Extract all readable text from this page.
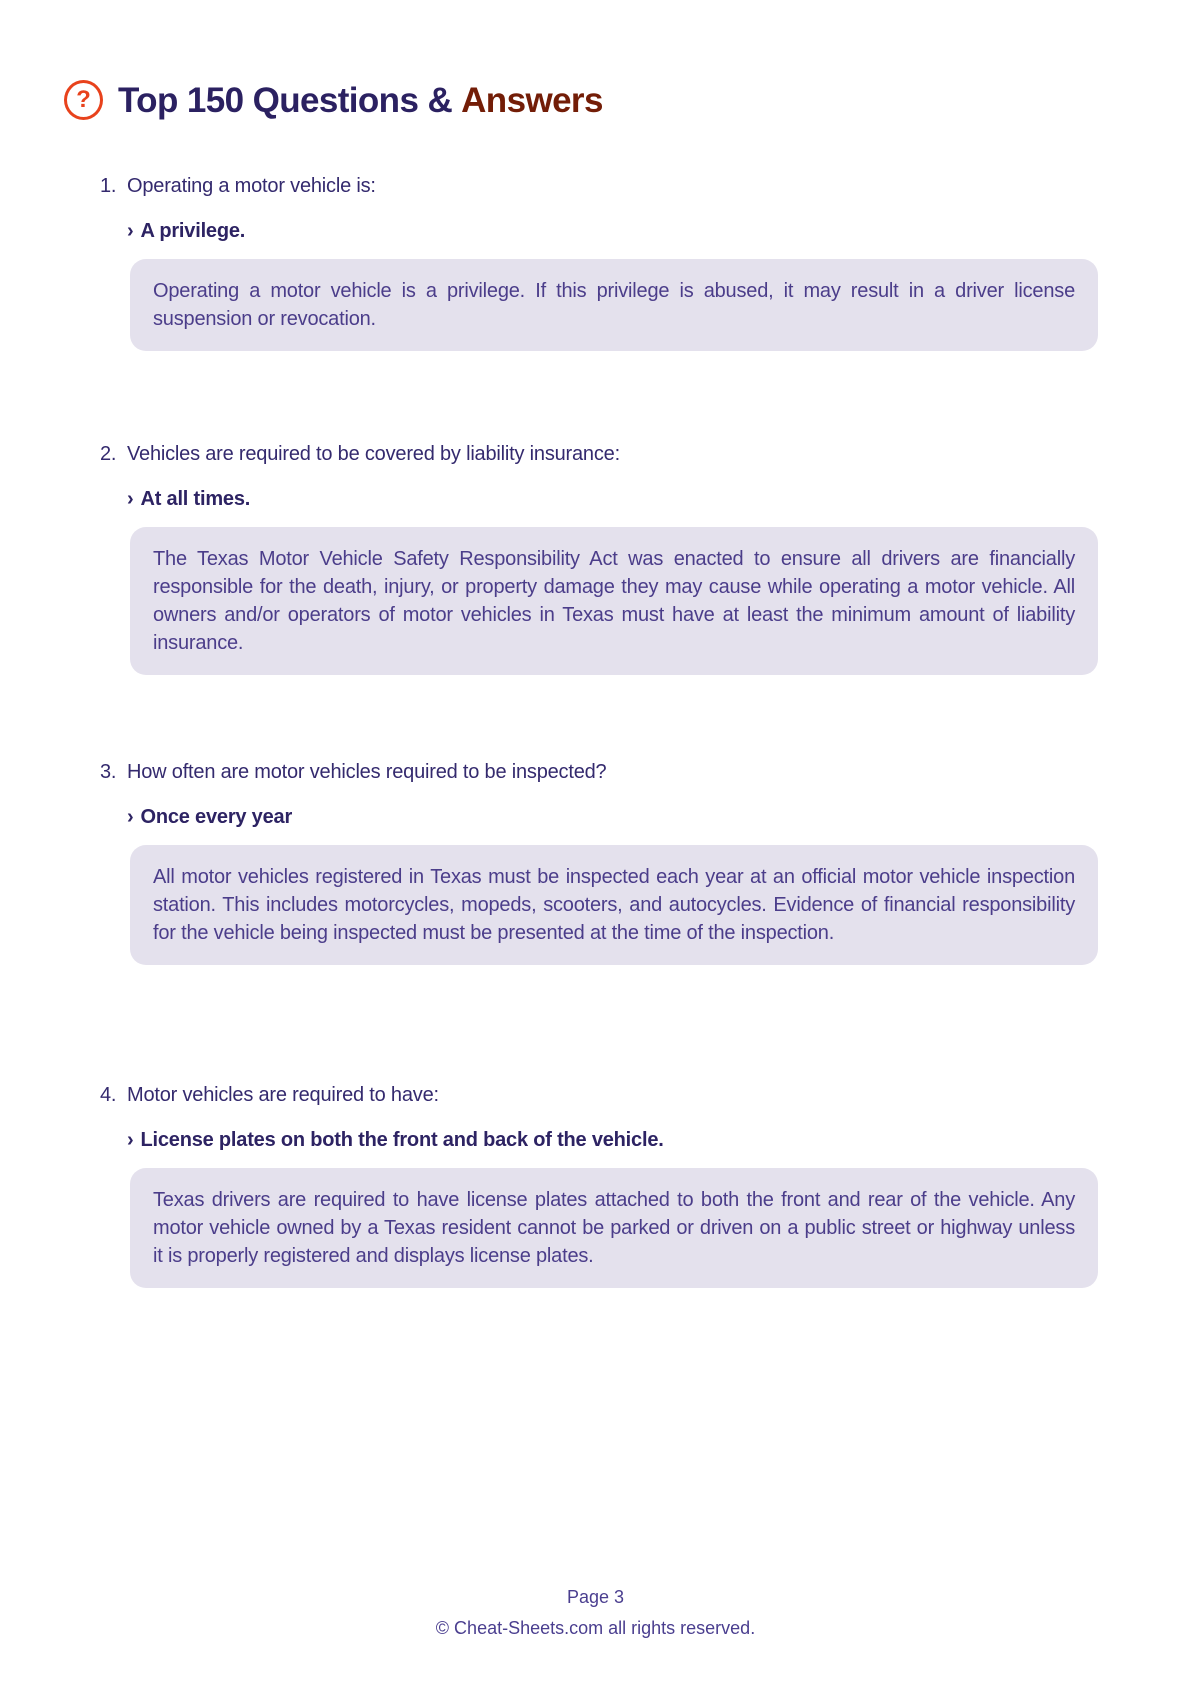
? Top 150 Questions & Answers
1. Operating a motor vehicle is:
› A privilege.

Operating a motor vehicle is a privilege. If this privilege is abused, it may result in a driver license suspension or revocation.

2. Vehicles are required to be covered by liability insurance:
› At all times.

The Texas Motor Vehicle Safety Responsibility Act was enacted to ensure all drivers are financially responsible for the death, injury, or property damage they may cause while operating a motor vehicle. All owners and/or operators of motor vehicles in Texas must have at least the minimum amount of liability insurance.

3. How often are motor vehicles required to be inspected?
› Once every year

All motor vehicles registered in Texas must be inspected each year at an official motor vehicle inspection station. This includes motorcycles, mopeds, scooters, and autocycles. Evidence of financial responsibility for the vehicle being inspected must be presented at the time of the inspection.

4. Motor vehicles are required to have:
› License plates on both the front and back of the vehicle.

Texas drivers are required to have license plates attached to both the front and rear of the vehicle. Any motor vehicle owned by a Texas resident cannot be parked or driven on a public street or highway unless it is properly registered and displays license plates.

Page 3

© Cheat-Sheets.com all rights reserved.
